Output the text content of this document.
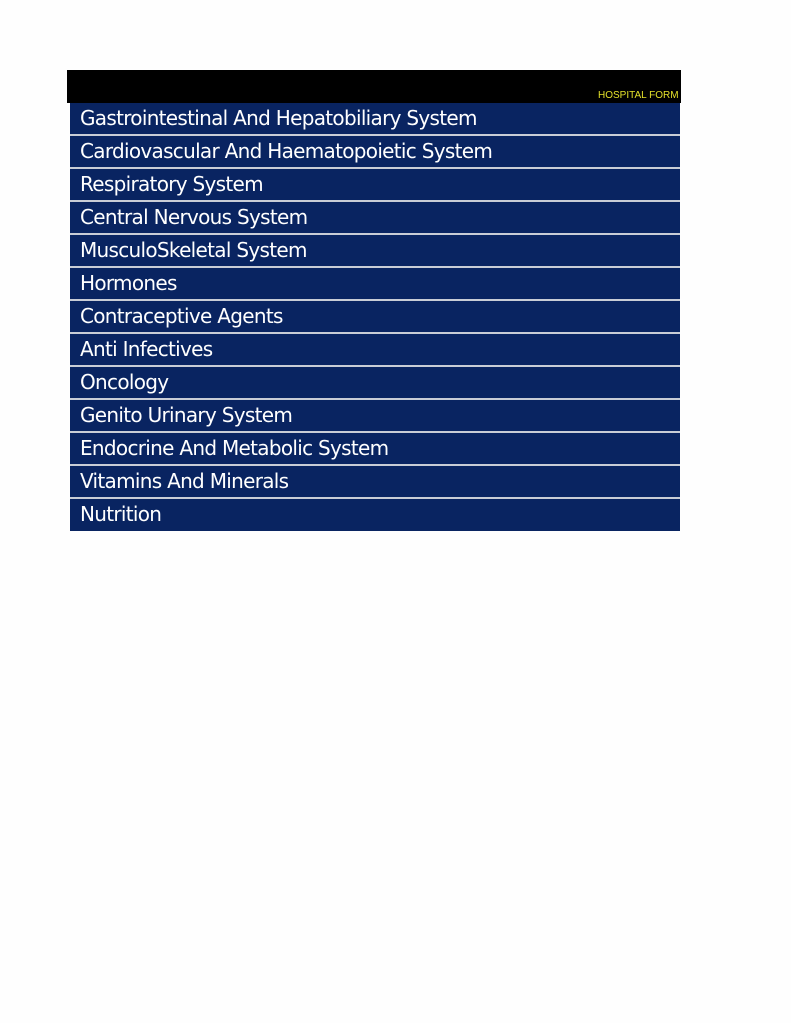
HOSPITAL FORM
Gastrointestinal And Hepatobiliary System
Cardiovascular And Haematopoietic System
Respiratory System
Central Nervous System
MusculoSkeletal System
Hormones
Contraceptive Agents
Anti Infectives
Oncology
Genito Urinary System
Endocrine And Metabolic System
Vitamins And Minerals
Nutrition
